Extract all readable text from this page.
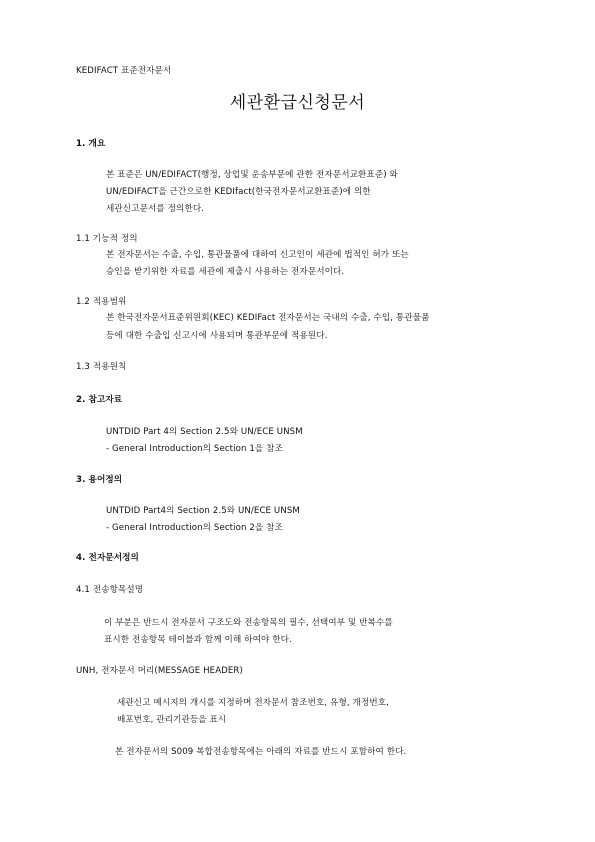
KEDIFACT 표준전자문서
세관환급신청문서
1. 개요
본 표준은 UN/EDIFACT(행정, 상업및 운송부문에 관한 전자문서교환표준) 와
UN/EDIFACT을 근간으로한 KEDIfact(한국전자문서교환표준)에 의한
세관신고문서를 정의한다.
1.1 기능적 정의
본 전자문서는 수출, 수입, 통관물품에 대하여 신고인이 세관에 법적인 허가 또는
승인을 받기위한 자료를 세관에 제출시 사용하는 전자문서이다.
1.2 적용범위
본 한국전자문서표준위원회(KEC) KEDIFact 전자문서는 국내의 수출, 수입, 통관물품
등에 대한 수출입 신고시에 사용되며 통관부문에 적용된다.
1.3 적용원칙
2. 참고자료
UNTDID Part 4의 Section 2.5와 UN/ECE UNSM
- General Introduction의 Section 1을 참조
3. 용어정의
UNTDID Part4의 Section 2.5와 UN/ECE UNSM
- General Introduction의 Section 2을 참조
4. 전자문서정의
4.1 전송항목설명
이 부분은 반드시 전자문서 구조도와 전송항목의 필수, 선택여부 및 반복수를
표시한 전송항목 테이블과 함께 이해 하여야 한다.
UNH, 전자문서 머리(MESSAGE HEADER)
세관신고 메시지의 개시를 지정하며 전자문서 참조번호, 유형, 개정번호,
배포번호, 관리기관등을 표시
본 전자문서의 S009 복합전송항목에는 아래의 자료를 반드시 포함하여 한다.
